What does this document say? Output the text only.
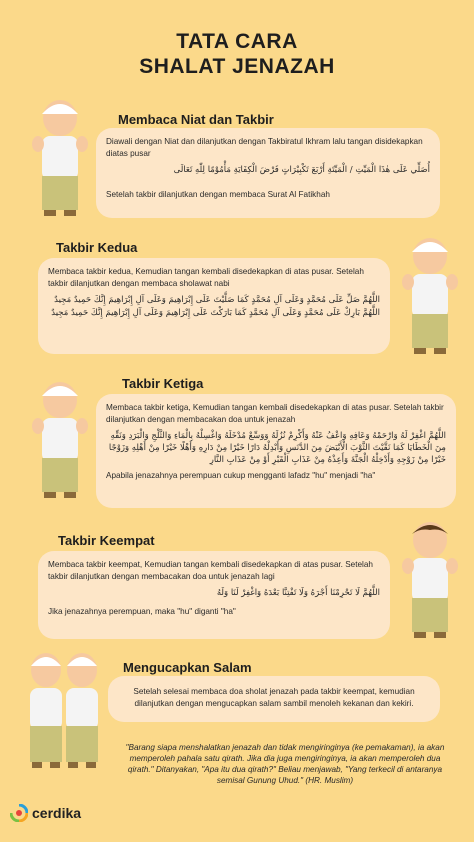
TATA CARA
SHALAT JENAZAH
Membaca Niat dan Takbir

Diawali dengan Niat dan dilanjutkan dengan Takbiratul Ikhram lalu tangan disidekapkan diatas pusar

أُصَلِّي عَلَى هٰذَا الْمَيِّتِ / الْمَيِّتَةِ أَرْبَعَ تَكْبِيْرَاتٍ فَرْضَ الْكِفَايَةِ مَأْمُوْمًا لِلّٰهِ تَعَالَى

Setelah takbir dilanjutkan dengan membaca Surat Al Fatikhah

Takbir Kedua

Membaca takbir kedua, Kemudian tangan kembali disedekapkan di atas pusar. Setelah takbir dilanjutkan dengan membaca sholawat nabi

اللَّهُمَّ صَلِّ عَلَى مُحَمَّدٍ وَعَلَى آلِ مُحَمَّدٍ كَمَا صَلَّيْتَ عَلَى إِبْرَاهِيمَ وَعَلَى آلِ إِبْرَاهِيمَ إِنَّكَ حَمِيدٌ مَجِيدٌ اللَّهُمَّ بَارِكْ عَلَى مُحَمَّدٍ وَعَلَى آلِ مُحَمَّدٍ كَمَا بَارَكْتَ عَلَى إِبْرَاهِيمَ وَعَلَى آلِ إِبْرَاهِيمَ إِنَّكَ حَمِيدٌ مَجِيدٌ
Takbir Ketiga

Membaca takbir ketiga, Kemudian tangan kembali disedekapkan di atas pusar. Setelah takbir dilanjutkan dengan membacakan doa untuk jenazah

اللَّهُمَّ اغْفِرْ لَهُ وَارْحَمْهُ وَعَافِهِ وَاعْفُ عَنْهُ وَأَكْرِمْ نُزُلَهُ وَوَسِّعْ مُدْخَلَهُ وَاغْسِلْهُ بِالْمَاءِ وَالثَّلْجِ وَالْبَرَدِ وَنَقِّهِ مِنَ الْخَطَايَا كَمَا نَقَّيْتَ الثَّوْبَ الْأَبْيَضَ مِنَ الدَّنَسِ وَأَبْدِلْهُ دَارًا خَيْرًا مِنْ دَارِهِ وَأَهْلًا خَيْرًا مِنْ أَهْلِهِ وَزَوْجًا خَيْرًا مِنْ زَوْجِهِ وَأَدْخِلْهُ الْجَنَّةَ وَأَعِذْهُ مِنْ عَذَابِ الْقَبْرِ أَوْ مِنْ عَذَابِ النَّارِ

Apabila jenazahnya perempuan cukup mengganti lafadz "hu" menjadi "ha"

Takbir Keempat

Membaca takbir keempat, Kemudian tangan kembali disedekapkan di atas pusar. Setelah takbir dilanjutkan dengan membacakan doa untuk jenazah lagi

اللَّهُمَّ لَا تَحْرِمْنَا أَجْرَهُ وَلَا تَفْتِنَّا بَعْدَهُ وَاغْفِرْ لَنَا وَلَهُ

Jika jenazahnya perempuan, maka "hu" diganti "ha"

Mengucapkan Salam

Setelah selesai membaca doa sholat jenazah pada takbir keempat, kemudian dilanjutkan dengan mengucapkan salam sambil menoleh kekanan dan kekiri.

"Barang siapa menshalatkan jenazah dan tidak mengiringinya (ke pemakaman), ia akan memperoleh pahala satu qirath. Jika dia juga mengiringinya, ia akan memperoleh dua qirath." Ditanyakan, "Apa itu dua qirath?" Beliau menjawab, "Yang terkecil di antaranya semisal Gunung Uhud." (HR. Muslim)
cerdika
